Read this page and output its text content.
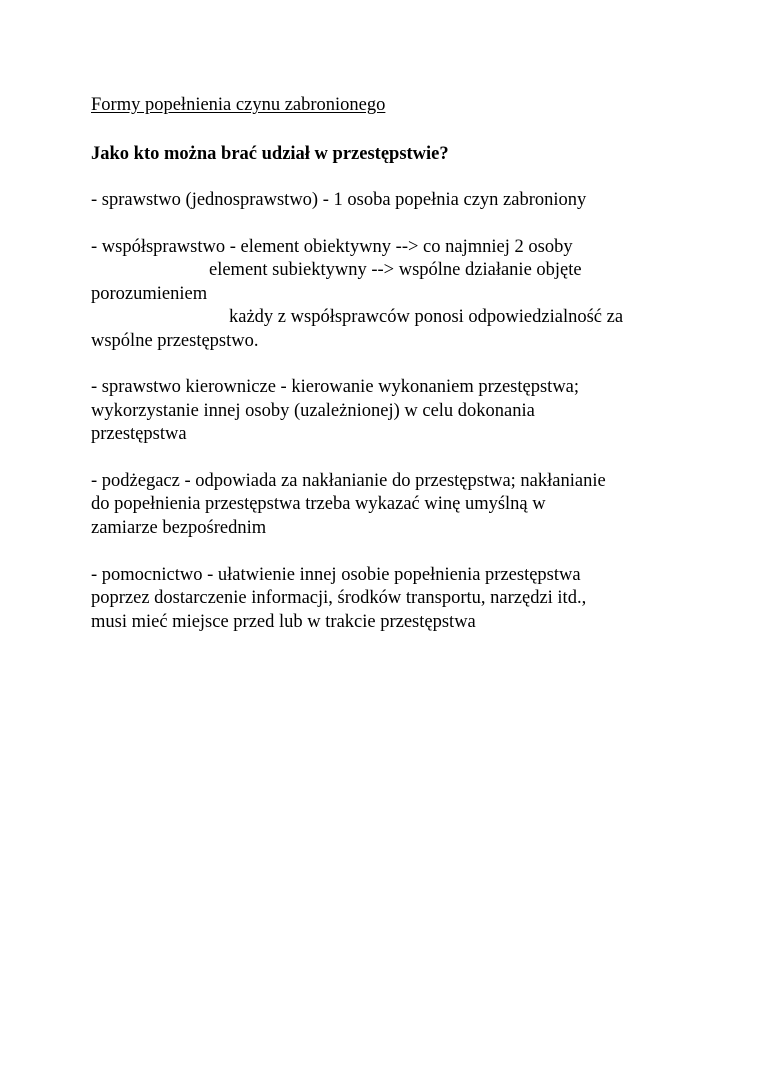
Formy popełnienia czynu zabronionego
Jako kto można brać udział w przestępstwie?
- sprawstwo (jednosprawstwo) - 1 osoba popełnia czyn zabroniony
- współsprawstwo - element obiektywny --> co najmniej 2 osoby
element subiektywny --> wspólne działanie objęte
porozumieniem
każdy z współsprawców ponosi odpowiedzialność za
wspólne przestępstwo.
- sprawstwo kierownicze - kierowanie wykonaniem przestępstwa;
wykorzystanie innej osoby (uzależnionej) w celu dokonania
przestępstwa
- podżegacz - odpowiada za nakłanianie do przestępstwa; nakłanianie
do popełnienia przestępstwa trzeba wykazać winę umyślną w
zamiarze bezpośrednim
- pomocnictwo - ułatwienie innej osobie popełnienia przestępstwa
poprzez dostarczenie informacji, środków transportu, narzędzi itd.,
musi mieć miejsce przed lub w trakcie przestępstwa
